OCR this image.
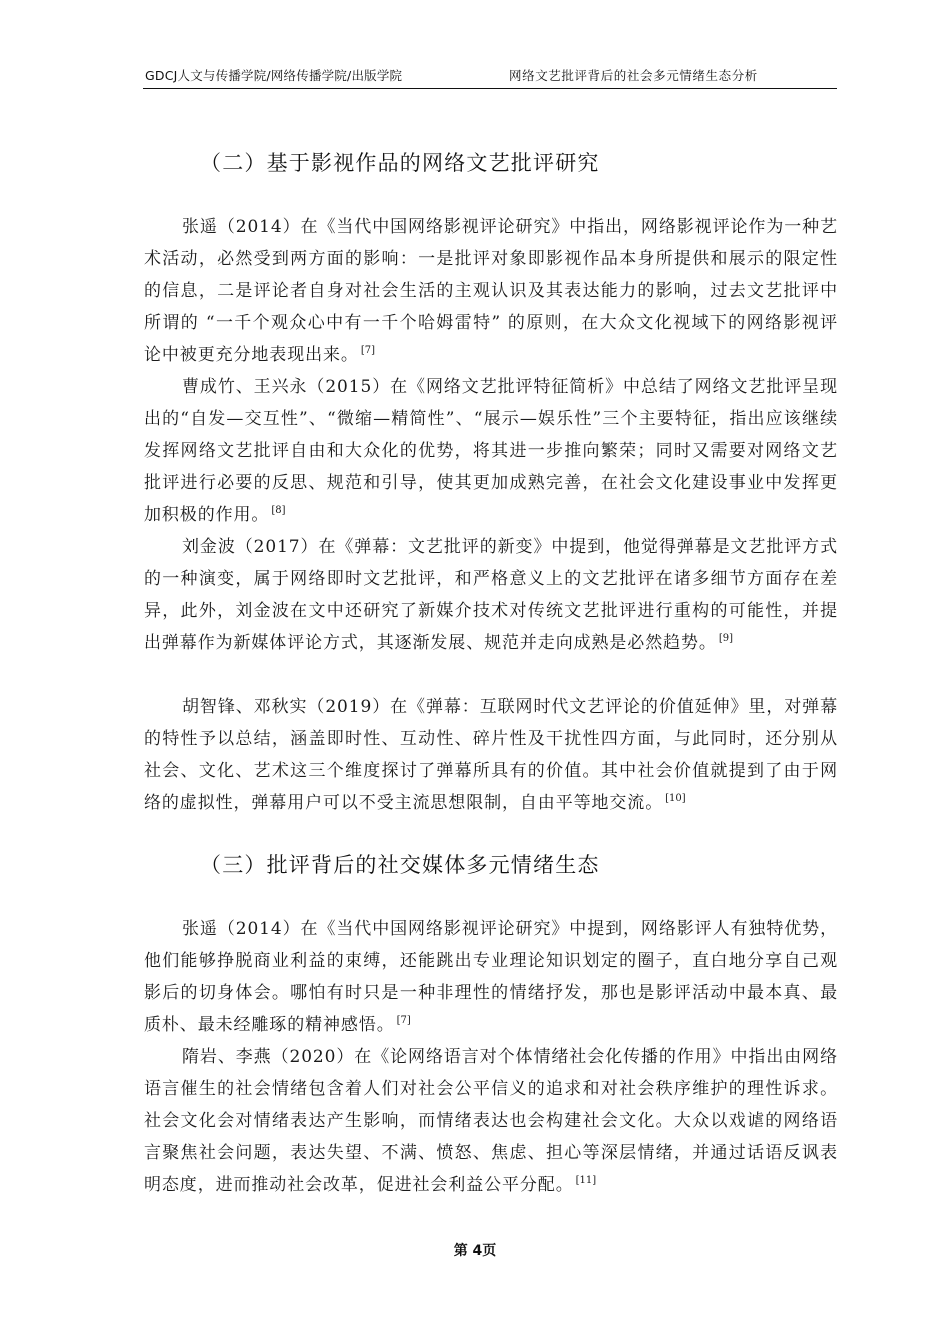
GDCJ人文与传播学院/网络传播学院/出版学院	网络文艺批评背后的社会多元情绪生态分析
（二）基于影视作品的网络文艺批评研究

张遥（2014）在《当代中国网络影视评论研究》中指出，网络影视评论作为一种艺术活动，必然受到两方面的影响：一是批评对象即影视作品本身所提供和展示的限定性的信息，二是评论者自身对社会生活的主观认识及其表达能力的影响，过去文艺批评中所谓的 “一千个观众心中有一千个哈姆雷特” 的原则，在大众文化视域下的网络影视评论中被更充分地表现出来。 [7]

曹成竹、王兴永（2015）在《网络文艺批评特征简析》中总结了网络文艺批评呈现出的“自发—交互性”、“微缩—精简性”、“展示—娱乐性”三个主要特征，指出应该继续发挥网络文艺批评自由和大众化的优势，将其进一步推向繁荣；同时又需要对网络文艺批评进行必要的反思、规范和引导，使其更加成熟完善，在社会文化建设事业中发挥更加积极的作用。 [8]

刘金波（2017）在《弹幕：文艺批评的新变》中提到，他觉得弹幕是文艺批评方式的一种演变，属于网络即时文艺批评，和严格意义上的文艺批评在诸多细节方面存在差异，此外，刘金波在文中还研究了新媒介技术对传统文艺批评进行重构的可能性，并提出弹幕作为新媒体评论方式，其逐渐发展、规范并走向成熟是必然趋势。 [9]

胡智锋、邓秋实（2019）在《弹幕：互联网时代文艺评论的价值延伸》里，对弹幕的特性予以总结，涵盖即时性、互动性、碎片性及干扰性四方面，与此同时，还分别从社会、文化、艺术这三个维度探讨了弹幕所具有的价值。其中社会价值就提到了由于网络的虚拟性，弹幕用户可以不受主流思想限制，自由平等地交流。 [10]

（三）批评背后的社交媒体多元情绪生态

张遥（2014）在《当代中国网络影视评论研究》中提到，网络影评人有独特优势，他们能够挣脱商业利益的束缚，还能跳出专业理论知识划定的圈子，直白地分享自己观影后的切身体会。哪怕有时只是一种非理性的情绪抒发，那也是影评活动中最本真、最质朴、最未经雕琢的精神感悟。 [7]

隋岩、李燕（2020）在《论网络语言对个体情绪社会化传播的作用》中指出由网络语言催生的社会情绪包含着人们对社会公平信义的追求和对社会秩序维护的理性诉求。社会文化会对情绪表达产生影响，而情绪表达也会构建社会文化。大众以戏谑的网络语言聚焦社会问题，表达失望、不满、愤怒、焦虑、担心等深层情绪，并通过话语反讽表明态度，进而推动社会改革，促进社会利益公平分配。 [11]

第 4页
